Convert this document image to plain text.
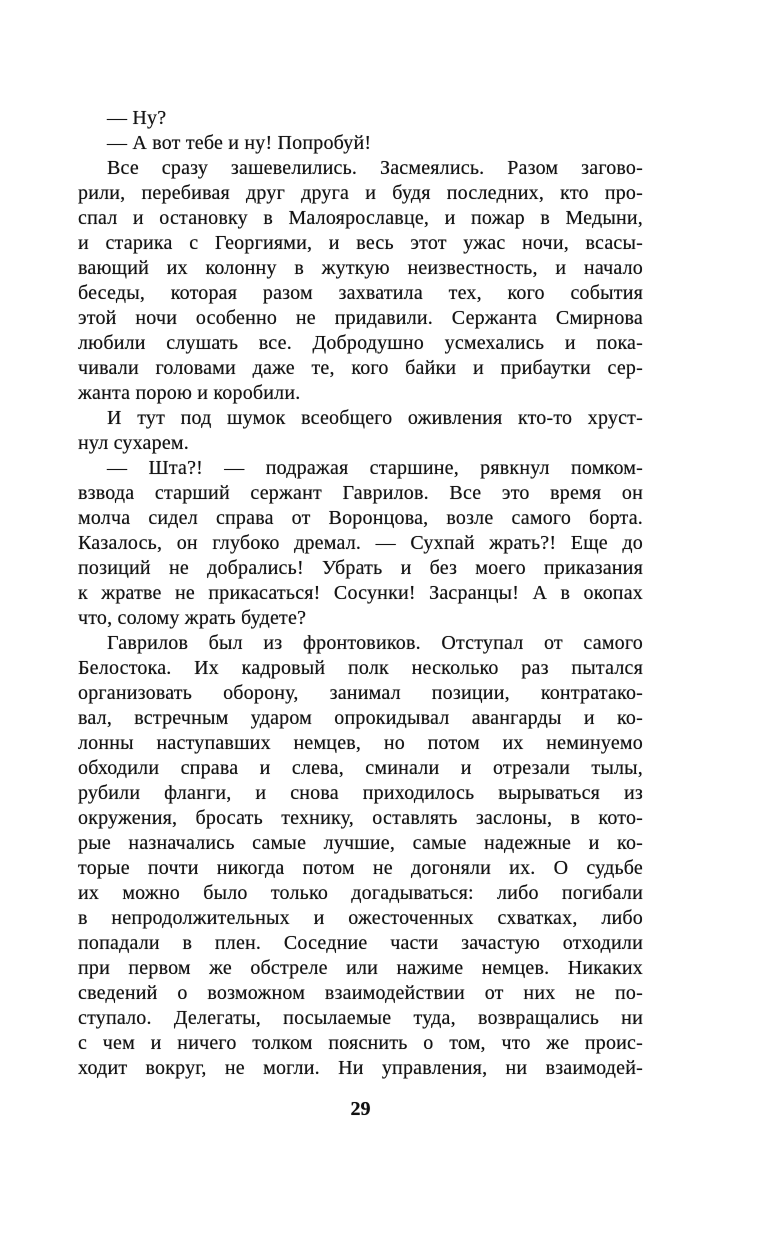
— Ну?
— А вот тебе и ну! Попробуй!
Все сразу зашевелились. Засмеялись. Разом загово-
рили, перебивая друг друга и будя последних, кто про-
спал и остановку в Малоярославце, и пожар в Медыни,
и старика с Георгиями, и весь этот ужас ночи, всасы-
вающий их колонну в жуткую неизвестность, и начало
беседы, которая разом захватила тех, кого события
этой ночи особенно не придавили. Сержанта Смирнова
любили слушать все. Добродушно усмехались и пока-
чивали головами даже те, кого байки и прибаутки сер-
жанта порою и коробили.
И тут под шумок всеобщего оживления кто-то хруст-
нул сухарем.
— Шта?! — подражая старшине, рявкнул помком-
взвода старший сержант Гаврилов. Все это время он
молча сидел справа от Воронцова, возле самого борта.
Казалось, он глубоко дремал. — Сухпай жрать?! Еще до
позиций не добрались! Убрать и без моего приказания
к жратве не прикасаться! Сосунки! Засранцы! А в окопах
что, солому жрать будете?
Гаврилов был из фронтовиков. Отступал от самого
Белостока. Их кадровый полк несколько раз пытался
организовать оборону, занимал позиции, контратако-
вал, встречным ударом опрокидывал авангарды и ко-
лонны наступавших немцев, но потом их неминуемо
обходили справа и слева, сминали и отрезали тылы,
рубили фланги, и снова приходилось вырываться из
окружения, бросать технику, оставлять заслоны, в кото-
рые назначались самые лучшие, самые надежные и ко-
торые почти никогда потом не догоняли их. О судьбе
их можно было только догадываться: либо погибали
в непродолжительных и ожесточенных схватках, либо
попадали в плен. Соседние части зачастую отходили
при первом же обстреле или нажиме немцев. Никаких
сведений о возможном взаимодействии от них не по-
ступало. Делегаты, посылаемые туда, возвращались ни
с чем и ничего толком пояснить о том, что же проис-
ходит вокруг, не могли. Ни управления, ни взаимодей-
29
